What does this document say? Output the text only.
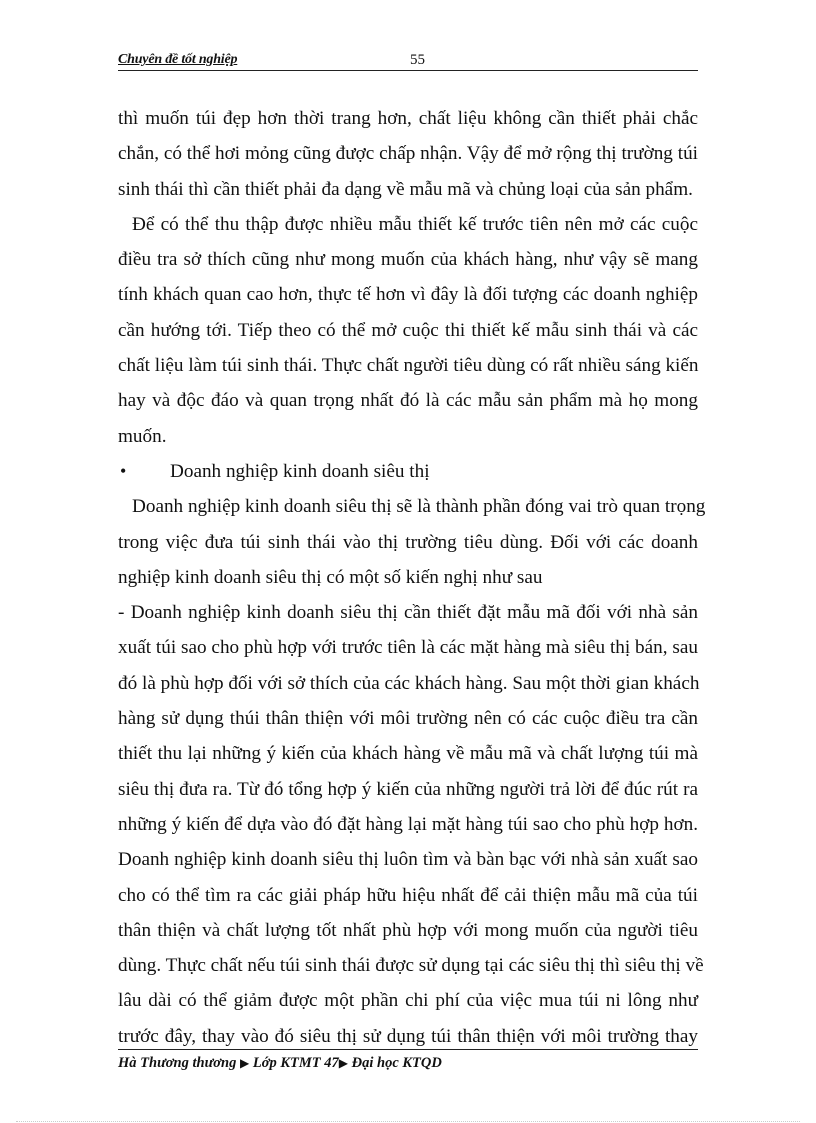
Chuyên đề tốt nghiệp	55
thì muốn túi đẹp hơn thời trang hơn, chất liệu không cần thiết phải chắc
chắn, có thể hơi mỏng cũng được chấp nhận. Vậy để mở rộng thị trường túi
sinh thái thì cần thiết phải đa dạng về mẫu mã và chủng loại của sản phẩm.
Để có thể thu thập được nhiều mẫu thiết kế trước tiên nên mở các cuộc
điều tra sở thích cũng như mong muốn của khách hàng, như vậy sẽ mang
tính khách quan cao hơn, thực tế hơn vì đây là đối tượng các doanh nghiệp
cần hướng tới. Tiếp theo có thể mở cuộc thi thiết kế mẫu sinh thái và các
chất liệu làm túi sinh thái. Thực chất người tiêu dùng có rất nhiều sáng kiến
hay và độc đáo và quan trọng nhất đó là các mẫu sản phẩm mà họ mong
muốn.
• Doanh nghiệp kinh doanh siêu thị
Doanh nghiệp kinh doanh siêu thị sẽ là thành phần đóng vai trò quan trọng
trong việc đưa túi sinh thái vào thị trường tiêu dùng. Đối với các doanh
nghiệp kinh doanh siêu thị có một số kiến nghị như sau
- Doanh nghiệp kinh doanh siêu thị cần thiết đặt mẫu mã đối với nhà sản
xuất túi sao cho phù hợp với trước tiên là các mặt hàng mà siêu thị bán, sau
đó là phù hợp đối với sở thích của các khách hàng. Sau một thời gian khách
hàng sử dụng thúi thân thiện với môi trường nên có các cuộc điều tra cần
thiết thu lại những ý kiến của khách hàng về mẫu mã và chất lượng túi mà
siêu thị đưa ra. Từ đó tổng hợp ý kiến của những người trả lời để đúc rút ra
những ý kiến để dựa vào đó đặt hàng lại mặt hàng túi sao cho phù hợp hơn.
Doanh nghiệp kinh doanh siêu thị luôn tìm và bàn bạc với nhà sản xuất sao
cho có thể tìm ra các giải pháp hữu hiệu nhất để cải thiện mẫu mã của túi
thân thiện và chất lượng tốt nhất phù hợp với mong muốn của người tiêu
dùng. Thực chất nếu túi sinh thái được sử dụng tại các siêu thị thì siêu thị về
lâu dài có thể giảm được một phần chi phí của việc mua túi ni lông như
trước đây, thay vào đó siêu thị sử dụng túi thân thiện với môi trường thay
Hà Thương thương ▶ Lớp KTMT 47▶ Đại học KTQD
